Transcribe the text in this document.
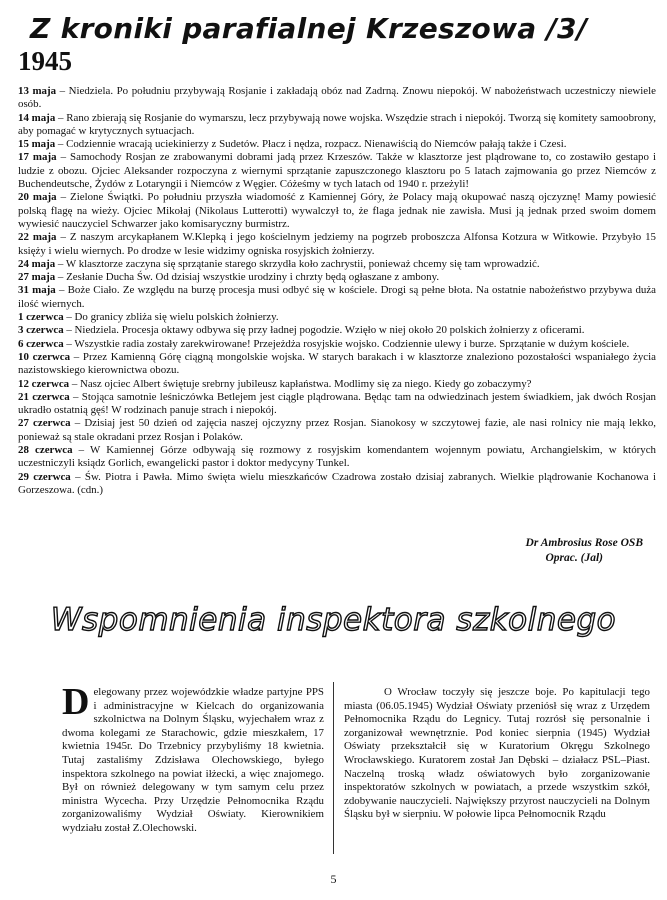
Z kroniki parafialnej Krzeszowa /3/
1945

13 maja – Niedziela. Po południu przybywają Rosjanie i zakładają obóz nad Zadrną. Znowu niepokój. W nabożeństwach uczestniczy niewiele osób.

14 maja – Rano zbierają się Rosjanie do wymarszu, lecz przybywają nowe wojska. Wszędzie strach i niepokój. Tworzą się komitety samoobrony, aby pomagać w krytycznych sytuacjach.

15 maja – Codziennie wracają uciekinierzy z Sudetów. Płacz i nędza, rozpacz. Nienawiścią do Niemców pałają także i Czesi.

17 maja – Samochody Rosjan ze zrabowanymi dobrami jadą przez Krzeszów. Także w klasztorze jest plądrowane to, co zostawiło gestapo i ludzie z obozu. Ojciec Aleksander rozpoczyna z wiernymi sprzątanie zapuszczonego klasztoru po 5 latach zajmowania go przez Niemców z Buchendeutsche, Żydów z Lotaryngii i Niemców z Węgier. Cóżeśmy w tych latach od 1940 r. przeżyli!

20 maja – Zielone Świątki. Po południu przyszła wiadomość z Kamiennej Góry, że Polacy mają okupować naszą ojczyznę! Mamy powiesić polską flagę na wieży. Ojciec Mikołaj (Nikolaus Lutterotti) wywalczył to, że flaga jednak nie zawisła. Musi ją jednak przed swoim domem wywiesić nauczyciel Schwarzer jako komisaryczny burmistrz.

22 maja – Z naszym arcykapłanem W.Klepką i jego kościelnym jedziemy na pogrzeb proboszcza Alfonsa Kotzura w Witkowie. Przybyło 15 księży i wielu wiernych. Po drodze w lesie widzimy ogniska rosyjskich żołnierzy.

24 maja – W klasztorze zaczyna się sprzątanie starego skrzydła koło zachrystii, ponieważ chcemy się tam wprowadzić.

27 maja – Zesłanie Ducha Św. Od dzisiaj wszystkie urodziny i chrzty będą ogłaszane z ambony.

31 maja – Boże Ciało. Ze względu na burzę procesja musi odbyć się w kościele. Drogi są pełne błota. Na ostatnie nabożeństwo przybywa duża ilość wiernych.

1 czerwca – Do granicy zbliża się wielu polskich żołnierzy.

3 czerwca – Niedziela. Procesja oktawy odbywa się przy ładnej pogodzie. Wzięło w niej około 20 polskich żołnierzy z oficerami.

6 czerwca – Wszystkie radia zostały zarekwirowane! Przejeżdża rosyjskie wojsko. Codziennie ulewy i burze. Sprzątanie w dużym kościele.

10 czerwca – Przez Kamienną Górę ciągną mongolskie wojska. W starych barakach i w klasztorze znaleziono pozostałości wspaniałego życia nazistowskiego kierownictwa obozu.

12 czerwca – Nasz ojciec Albert świętuje srebrny jubileusz kapłaństwa. Modlimy się za niego. Kiedy go zobaczymy?

21 czerwca – Stojąca samotnie leśniczówka Betlejem jest ciągle plądrowana. Będąc tam na odwiedzinach jestem świadkiem, jak dwóch Rosjan ukradło ostatnią gęś! W rodzinach panuje strach i niepokój.

27 czerwca – Dzisiaj jest 50 dzień od zajęcia naszej ojczyzny przez Rosjan. Sianokosy w szczytowej fazie, ale nasi rolnicy nie mają lekko, ponieważ są stale okradani przez Rosjan i Polaków.

28 czerwca – W Kamiennej Górze odbywają się rozmowy z rosyjskim komendantem wojennym powiatu, Archangielskim, w których uczestniczyli ksiądz Gorlich, ewangelicki pastor i doktor medycyny Tunkel.

29 czerwca – Św. Piotra i Pawła. Mimo święta wielu mieszkańców Czadrowa zostało dzisiaj zabranych. Wielkie plądrowanie Kochanowa i Gorzeszowa. (cdn.)

Dr Ambrosius Rose OSB

Oprac. (Jal)
Wspomnienia inspektora szkolnego

Delegowany przez wojewódzkie władze partyjne PPS i administracyjne w Kielcach do organizowania szkolnictwa na Dolnym Śląsku, wyjechałem wraz z dwoma kolegami ze Starachowic, gdzie mieszkałem, 17 kwietnia 1945r. Do Trzebnicy przybyliśmy 18 kwietnia. Tutaj zastaliśmy Zdzisława Olechowskiego, byłego inspektora szkolnego na powiat iłżecki, a więc znajomego. Był on również delegowany w tym samym celu przez ministra Wycecha. Przy Urzędzie Pełnomocnika Rządu zorganizowaliśmy Wydział Oświaty. Kierownikiem wydziału został Z.Olechowski.

O Wrocław toczyły się jeszcze boje. Po kapitulacji tego miasta (06.05.1945) Wydział Oświaty przeniósł się wraz z Urzędem Pełnomocnika Rządu do Legnicy. Tutaj rozrósł się personalnie i zorganizował wewnętrznie. Pod koniec sierpnia (1945) Wydział Oświaty przekształcił się w Kuratorium Okręgu Szkolnego Wrocławskiego. Kuratorem został Jan Dębski – działacz PSL–Piast. Naczelną troską władz oświatowych było zorganizowanie inspektoratów szkolnych w powiatach, a przede wszystkim szkół, zdobywanie nauczycieli. Największy przyrost nauczycieli na Dolnym Śląsku był w sierpniu. W połowie lipca Pełnomocnik Rządu

5
